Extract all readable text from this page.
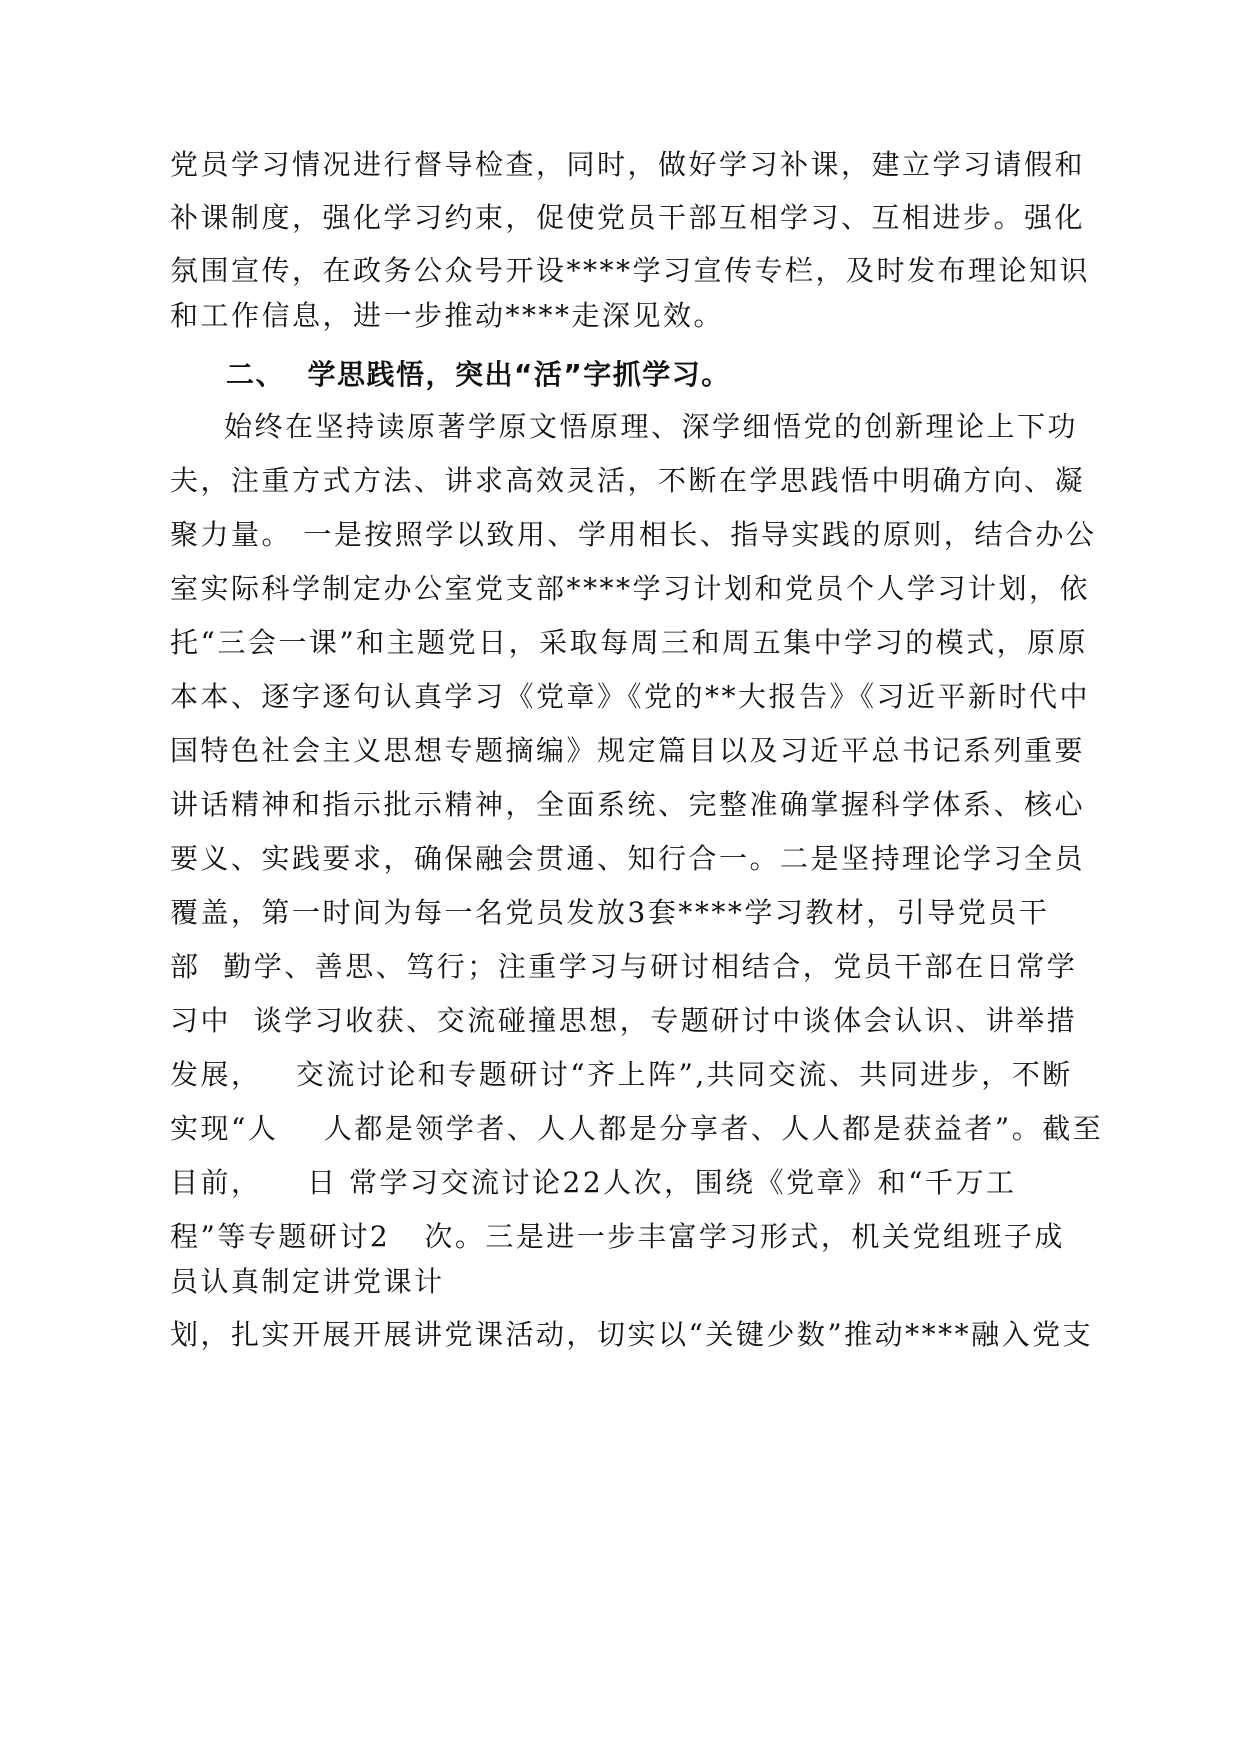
党员学习情况进行督导检查，同时，做好学习补课，建立学习请假和
补课制度，强化学习约束，促使党员干部互相学习、互相进步。强化
氛围宣传，在政务公众号开设****学习宣传专栏，及时发布理论知识
和工作信息，进一步推动****走深见效。
二、  学思践悟，突出“活”字抓学习。
始终在坚持读原著学原文悟原理、深学细悟党的创新理论上下功
夫，注重方式方法、讲求高效灵活，不断在学思践悟中明确方向、凝
聚力量。 一是按照学以致用、学用相长、指导实践的原则，结合办公
室实际科学制定办公室党支部****学习计划和党员个人学习计划，依
托“三会一课”和主题党日，采取每周三和周五集中学习的模式，原原
本本、逐字逐句认真学习《党章》《党的**大报告》《习近平新时代中
国特色社会主义思想专题摘编》规定篇目以及习近平总书记系列重要
讲话精神和指示批示精神，全面系统、完整准确掌握科学体系、核心
要义、实践要求，确保融会贯通、知行合一。二是坚持理论学习全员
覆盖，第一时间为每一名党员发放3套****学习教材，引导党员干
部  勤学、善思、笃行；注重学习与研讨相结合，党员干部在日常学
习中  谈学习收获、交流碰撞思想，专题研讨中谈体会认识、讲举措
发展，   交流讨论和专题研讨“齐上阵”,共同交流、共同进步，不断
实现“人    人都是领学者、人人都是分享者、人人都是获益者”。截至
目前，    日 常学习交流讨论22人次，围绕《党章》和“千万工
程”等专题研讨2   次。三是进一步丰富学习形式，机关党组班子成
员认真制定讲党课计
划，扎实开展开展讲党课活动，切实以“关键少数”推动****融入党支
